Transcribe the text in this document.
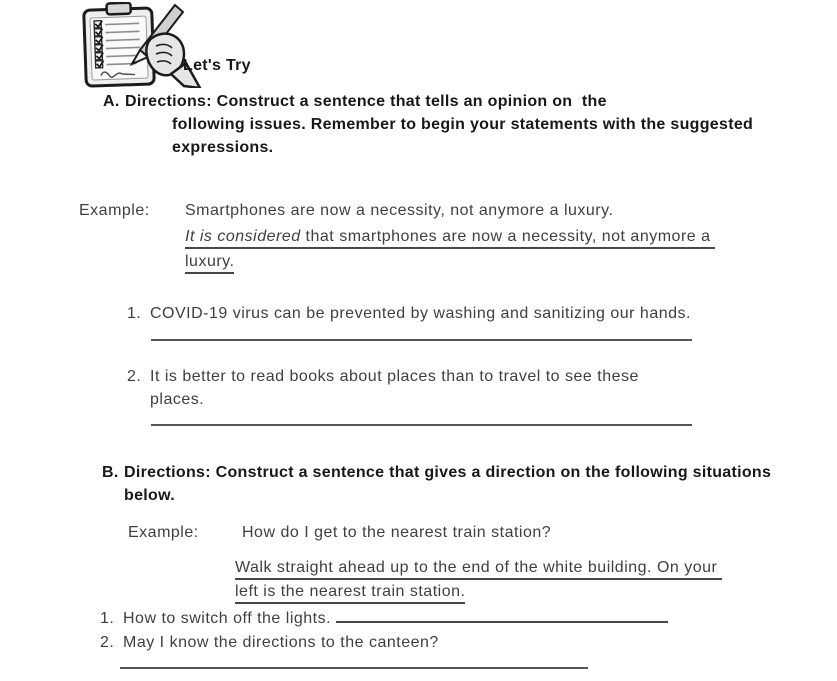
Let's Try
A. Directions: Construct a sentence that tells an opinion on  the
following issues. Remember to begin your statements with the suggested
expressions.
Example: Smartphones are now a necessity, not anymore a luxury.
It is considered that smartphones are now a necessity, not anymore a
luxury.
1. COVID-19 virus can be prevented by washing and sanitizing our hands.
2. It is better to read books about places than to travel to see these
places.
B. Directions: Construct a sentence that gives a direction on the following situations
below.
Example:	How do I get to the nearest train station?
Walk straight ahead up to the end of the white building. On your
left is the nearest train station.
1. How to switch off the lights.
2. May I know the directions to the canteen?
